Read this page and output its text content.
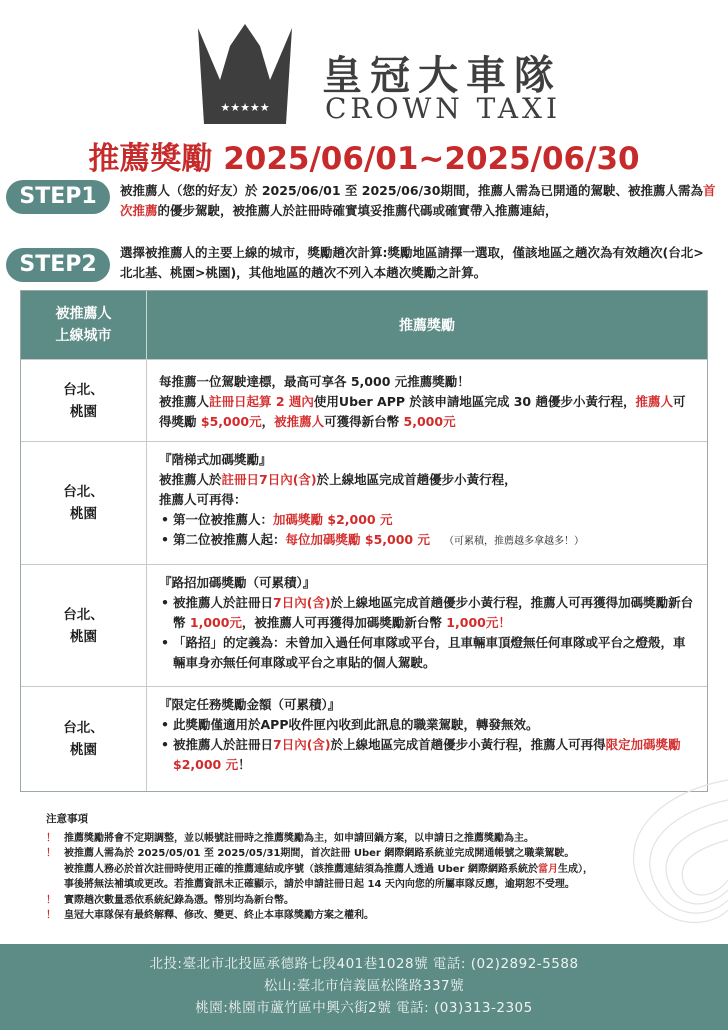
★★★★★
皇冠大車隊
CROWN TAXI
推薦獎勵 2025/06/01~2025/06/30
STEP1	被推薦人（您的好友）於 2025/06/01 至 2025/06/30期間，推薦人需為已開通的駕駛、被推薦人需為首次推薦的優步駕駛，被推薦人於註冊時確實填妥推薦代碼或確實帶入推薦連結，
STEP2	選擇被推薦人的主要上線的城市，獎勵趟次計算:獎勵地區請擇一選取，僅該地區之趟次為有效趟次(台北>北北基、桃園>桃園)，其他地區的趟次不列入本趟次獎勵之計算。
被推薦人
上線城市
推薦獎勵
台北、
桃園
每推薦一位駕駛達標，最高可享各 5,000 元推薦獎勵！
被推薦人註冊日起算 2 週內使用Uber APP 於該申請地區完成 30 趟優步小黃行程，推薦人可得獎勵 $5,000元，被推薦人可獲得新台幣 5,000元
台北、
桃園
『階梯式加碼獎勵』
被推薦人於註冊日7日內(含)於上線地區完成首趟優步小黃行程，
推薦人可再得：
• 第一位被推薦人：加碼獎勵 $2,000 元
• 第二位被推薦人起：每位加碼獎勵 $5,000 元 （可累積，推薦越多拿越多！）
台北、
桃園
『路招加碼獎勵（可累積）』
• 被推薦人於註冊日7日內(含)於上線地區完成首趟優步小黃行程，推薦人可再獲得加碼獎勵新台幣 1,000元，被推薦人可再獲得加碼獎勵新台幣 1,000元！
• 「路招」的定義為：未曾加入過任何車隊或平台，且車輛車頂燈無任何車隊或平台之燈殼，車輛車身亦無任何車隊或平台之車貼的個人駕駛。
台北、
桃園
『限定任務獎勵金額（可累積）』
• 此獎勵僅適用於APP收件匣內收到此訊息的職業駕駛，轉發無效。
• 被推薦人於註冊日7日內(含)於上線地區完成首趟優步小黃行程，推薦人可再得限定加碼獎勵 $2,000 元！
注意事項
！ 推薦獎勵將會不定期調整，並以帳號註冊時之推薦獎勵為主，如申請回鍋方案，以申請日之推薦獎勵為主。
！ 被推薦人需為於 2025/05/01 至 2025/05/31期間，首次註冊 Uber 網際網路系統並完成開通帳號之職業駕駛。
被推薦人務必於首次註冊時使用正確的推薦連結或序號（該推薦連結須為推薦人透過 Uber 網際網路系統於當月生成），
事後將無法補填或更改。若推薦資訊未正確顯示，請於申請註冊日起 14 天內向您的所屬車隊反應，逾期恕不受理。
！ 實際趟次數量悉依系統紀錄為憑。幣別均為新台幣。
！ 皇冠大車隊保有最終解釋、修改、變更、終止本車隊獎勵方案之權利。
北投:臺北市北投區承德路七段401巷1028號 電話: (02)2892-5588
松山:臺北市信義區松隆路337號
桃園:桃園市蘆竹區中興六街2號 電話: (03)313-2305
